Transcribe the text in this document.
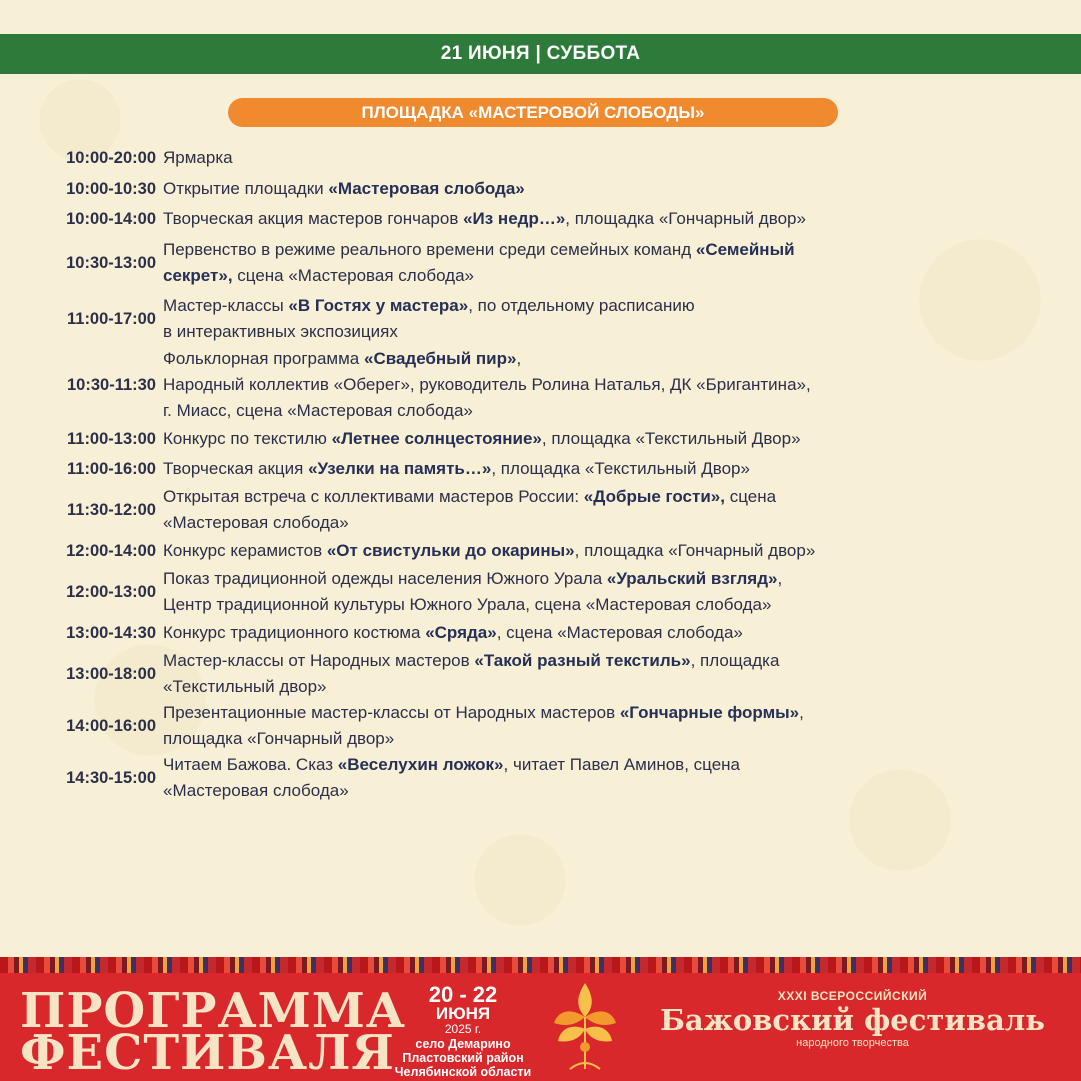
21 ИЮНЯ | СУББОТА
ПЛОЩАДКА «МАСТЕРОВОЙ СЛОБОДЫ»
10:00-20:00 Ярмарка
10:00-10:30 Открытие площадки «Мастеровая слобода»
10:00-14:00 Творческая акция мастеров гончаров «Из недр…», площадка «Гончарный двор»
10:30-13:00
Первенство в режиме реального времени среди семейных команд «Семейный
секрет», сцена «Мастеровая слобода»
11:00-17:00
Мастер-классы «В Гостях у мастера», по отдельному расписанию
в интерактивных экспозициях
10:30-11:30
Фольклорная программа «Свадебный пир»,
Народный коллектив «Оберег», руководитель Ролина Наталья, ДК «Бригантина»,
г. Миасс, сцена «Мастеровая слобода»
11:00-13:00 Конкурс по текстилю «Летнее солнцестояние», площадка «Текстильный Двор»
11:00-16:00 Творческая акция «Узелки на память…», площадка «Текстильный Двор»
11:30-12:00
Открытая встреча с коллективами мастеров России: «Добрые гости», сцена
«Мастеровая слобода»
12:00-14:00 Конкурс керамистов «От свистульки до окарины», площадка «Гончарный двор»
12:00-13:00
Показ традиционной одежды населения Южного Урала «Уральский взгляд»,
Центр традиционной культуры Южного Урала, сцена «Мастеровая слобода»
13:00-14:30 Конкурс традиционного костюма «Сряда», сцена «Мастеровая слобода»
13:00-18:00
Мастер-классы от Народных мастеров «Такой разный текстиль», площадка
«Текстильный двор»
14:00-16:00
Презентационные мастер-классы от Народных мастеров «Гончарные формы»,
площадка «Гончарный двор»
14:30-15:00
Читаем Бажова. Сказ «Веселухин ложок», читает Павел Аминов, сцена
«Мастеровая слобода»
ПРОГРАММА
ФЕСТИВАЛЯ
20 - 22
ИЮНЯ
2025 г.
село Демарино
Пластовский район
Челябинской области
XXXI ВСЕРОССИЙСКИЙ
Бажовский фестиваль
народного творчества
